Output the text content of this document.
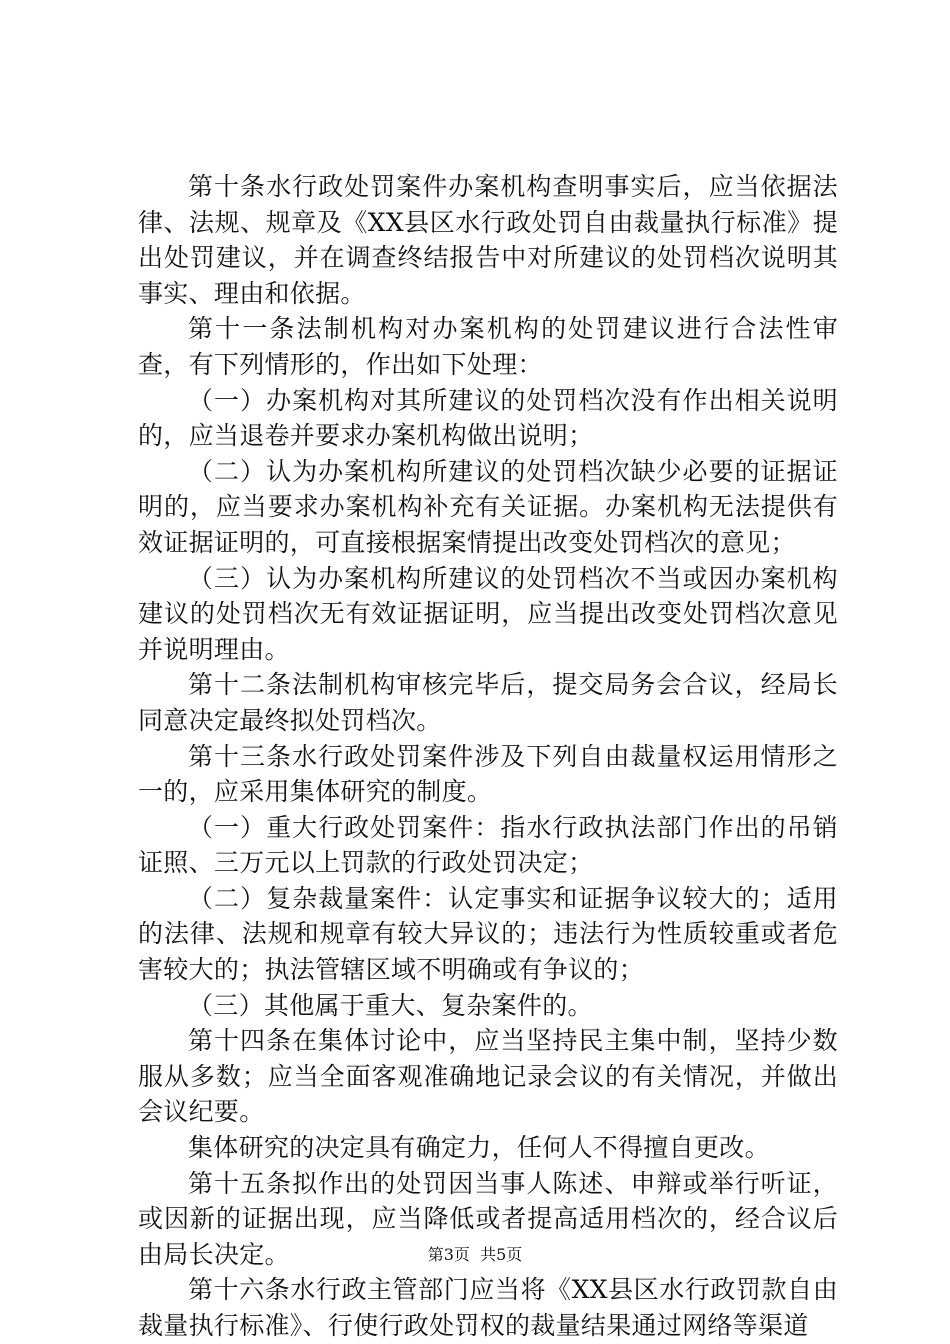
第十条水行政处罚案件办案机构查明事实后，应当依据法律、法规、规章及《XX县区水行政处罚自由裁量执行标准》提出处罚建议，并在调查终结报告中对所建议的处罚档次说明其事实、理由和依据。

第十一条法制机构对办案机构的处罚建议进行合法性审查，有下列情形的，作出如下处理：

（一）办案机构对其所建议的处罚档次没有作出相关说明的，应当退卷并要求办案机构做出说明；

（二）认为办案机构所建议的处罚档次缺少必要的证据证明的，应当要求办案机构补充有关证据。办案机构无法提供有效证据证明的，可直接根据案情提出改变处罚档次的意见；

（三）认为办案机构所建议的处罚档次不当或因办案机构建议的处罚档次无有效证据证明，应当提出改变处罚档次意见并说明理由。

第十二条法制机构审核完毕后，提交局务会合议，经局长同意决定最终拟处罚档次。

第十三条水行政处罚案件涉及下列自由裁量权运用情形之一的，应采用集体研究的制度。

（一）重大行政处罚案件：指水行政执法部门作出的吊销证照、三万元以上罚款的行政处罚决定；

（二）复杂裁量案件：认定事实和证据争议较大的；适用的法律、法规和规章有较大异议的；违法行为性质较重或者危害较大的；执法管辖区域不明确或有争议的；

（三）其他属于重大、复杂案件的。

第十四条在集体讨论中，应当坚持民主集中制，坚持少数服从多数；应当全面客观准确地记录会议的有关情况，并做出会议纪要。

集体研究的决定具有确定力，任何人不得擅自更改。

第十五条拟作出的处罚因当事人陈述、申辩或举行听证，或因新的证据出现，应当降低或者提高适用档次的，经合议后由局长决定。

第十六条水行政主管部门应当将《XX县区水行政罚款自由裁量执行标准》、行使行政处罚权的裁量结果通过网络等渠道

第3页 共5页
